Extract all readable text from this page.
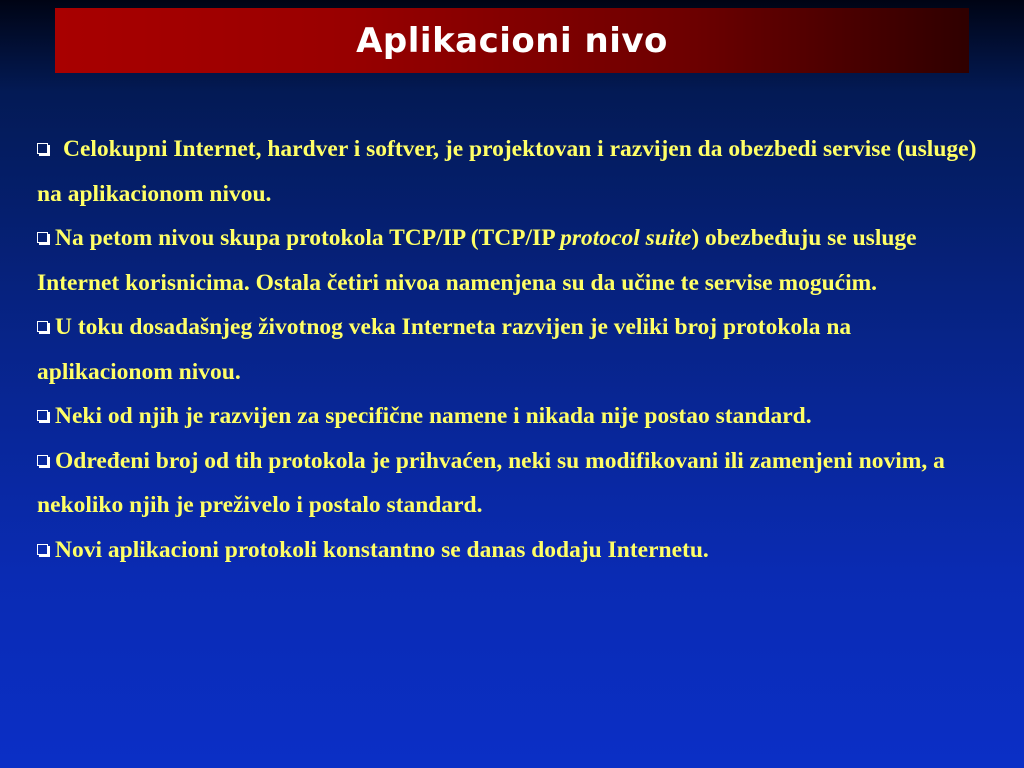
Aplikacioni nivo
Celokupni Internet, hardver i softver, je projektovan i razvijen da obezbedi servise (usluge) na aplikacionom nivou.
Na petom nivou skupa protokola TCP/IP (TCP/IP protocol suite) obezbeđuju se usluge Internet korisnicima. Ostala četiri nivoa namenjena su da učine te servise mogućim.
U toku dosadašnjeg životnog veka Interneta razvijen je veliki broj protokola na aplikacionom nivou.
Neki od njih je razvijen za specifične namene i nikada nije postao standard.
Određeni broj od tih protokola je prihvaćen, neki su modifikovani ili zamenjeni novim, a nekoliko njih je preživelo i postalo standard.
Novi aplikacioni protokoli konstantno se danas dodaju Internetu.
